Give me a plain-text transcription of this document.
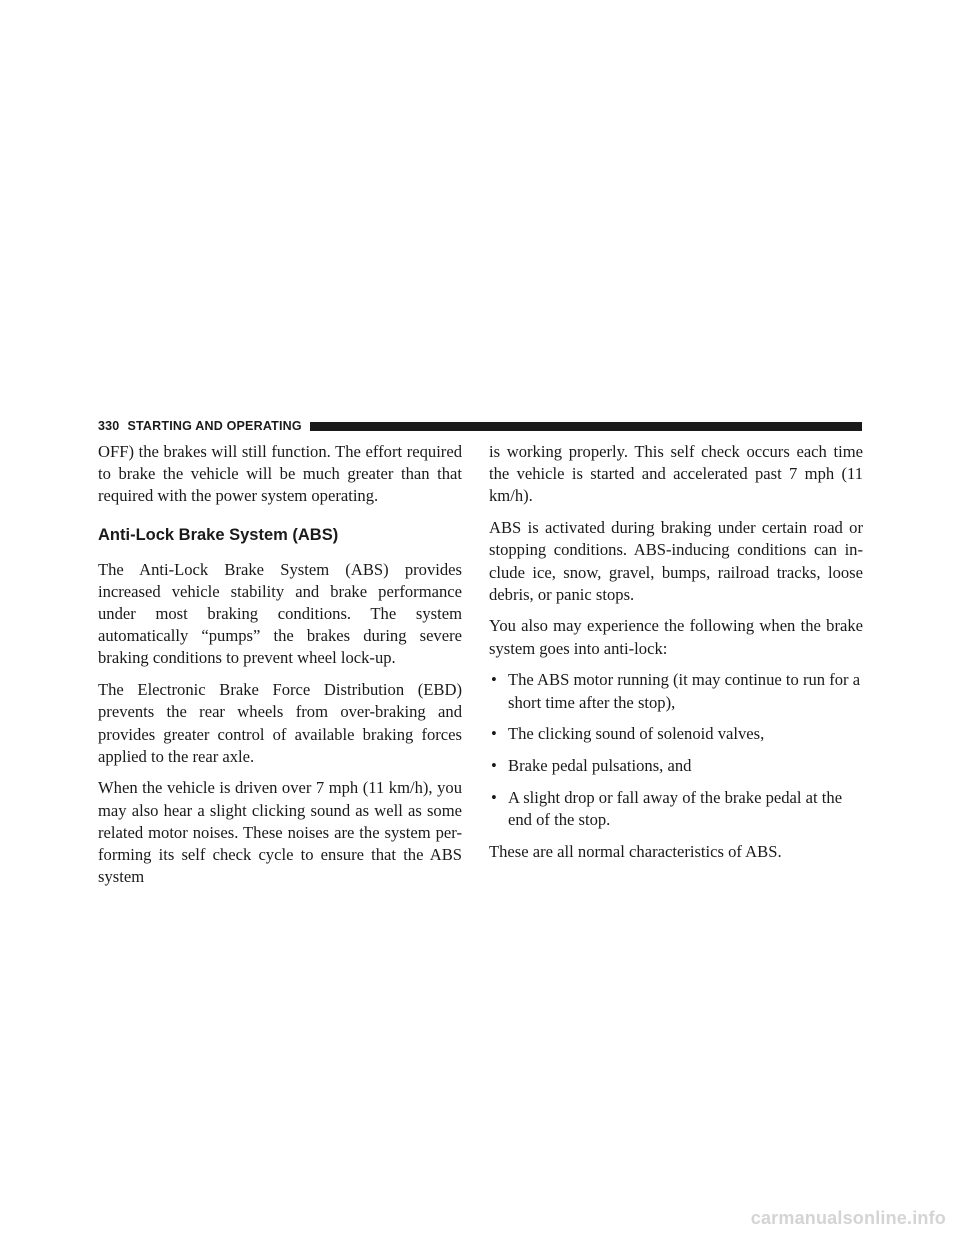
330 STARTING AND OPERATING

OFF) the brakes will still function. The effort required to brake the vehicle will be much greater than that required with the power system operating.

Anti-Lock Brake System (ABS)

The Anti-Lock Brake System (ABS) provides increased vehicle stability and brake performance under most braking conditions. The system automatically “pumps” the brakes during severe braking conditions to prevent wheel lock-up.

The Electronic Brake Force Distribution (EBD) prevents the rear wheels from over-braking and provides greater control of available braking forces applied to the rear axle.

When the vehicle is driven over 7 mph (11 km/h), you may also hear a slight clicking sound as well as some related motor noises. These noises are the system per-forming its self check cycle to ensure that the ABS system

is working properly. This self check occurs each time the vehicle is started and accelerated past 7 mph (11 km/h).

ABS is activated during braking under certain road or stopping conditions. ABS-inducing conditions can in-clude ice, snow, gravel, bumps, railroad tracks, loose debris, or panic stops.

You also may experience the following when the brake system goes into anti-lock:

• The ABS motor running (it may continue to run for a short time after the stop),
• The clicking sound of solenoid valves,
• Brake pedal pulsations, and
• A slight drop or fall away of the brake pedal at the end of the stop.

These are all normal characteristics of ABS.

carmanualsonline.info
